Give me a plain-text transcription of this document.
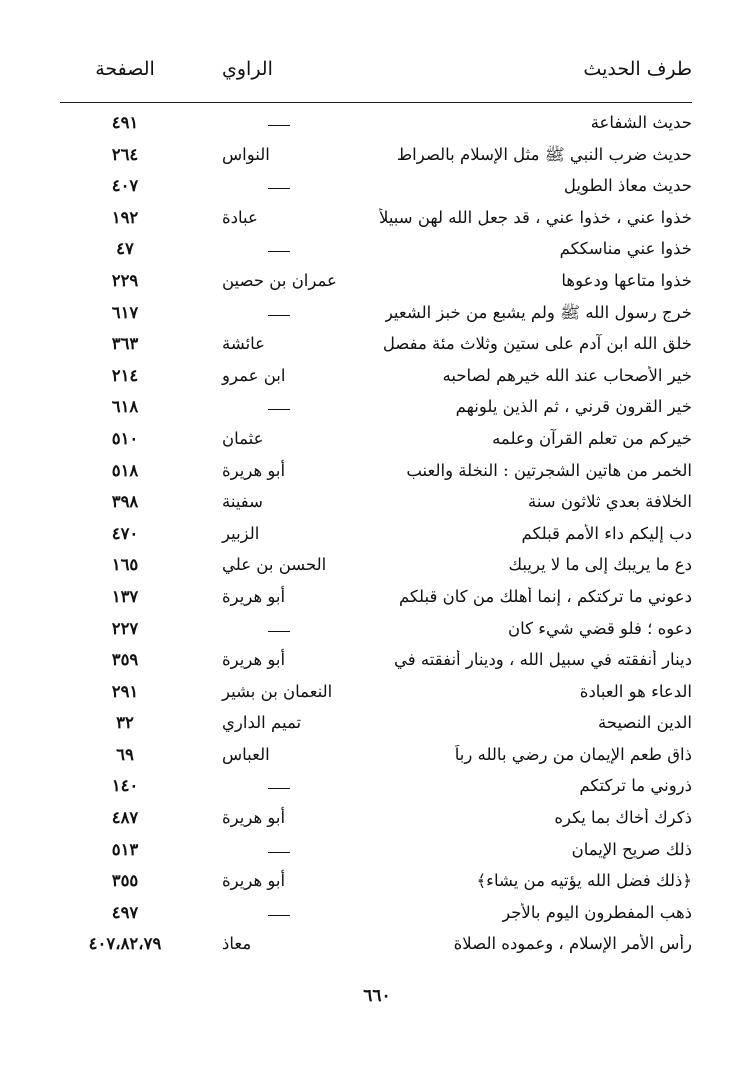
طرف الحديث
الراوي
الصفحة
حديث الشفاعة
٤٩١
حديث ضرب النبي ﷺ مثل الإسلام بالصراط
النواس
٢٦٤
حديث معاذ الطويل
٤٠٧
خذوا عني ، خذوا عني ، قد جعل الله لهن سبيلاً
عبادة
١٩٢
خذوا عني مناسككم
٤٧
خذوا متاعها ودعوها
عمران بن حصين
٢٢٩
خرج رسول الله ﷺ ولم يشبع من خبز الشعير
٦١٧
خلق الله ابن آدم على ستين وثلاث مئة مفصل
عائشة
٣٦٣
خير الأصحاب عند الله خيرهم لصاحبه
ابن عمرو
٢١٤
خير القرون قرني ، ثم الذين يلونهم
٦١٨
خيركم من تعلم القرآن وعلمه
عثمان
٥١٠
الخمر من هاتين الشجرتين : النخلة والعنب
أبو هريرة
٥١٨
الخلافة بعدي ثلاثون سنة
سفينة
٣٩٨
دب إليكم داء الأمم قبلكم
الزبير
٤٧٠
دع ما يريبك إلى ما لا يريبك
الحسن بن علي
١٦٥
دعوني ما تركتكم ، إنما أهلك من كان قبلكم
أبو هريرة
١٣٧
دعوه ؛ فلو قضي شيء كان
٢٢٧
دينار أنفقته في سبيل الله ، ودينار أنفقته في
أبو هريرة
٣٥٩
الدعاء هو العبادة
النعمان بن بشير
٢٩١
الدين النصيحة
تميم الداري
٣٢
ذاق طعم الإيمان من رضي بالله رباً
العباس
٦٩
ذروني ما تركتكم
١٤٠
ذكرك أخاك بما يكره
أبو هريرة
٤٨٧
ذلك صريح الإيمان
٥١٣
﴿ذلك فضل الله يؤتيه من يشاء﴾
أبو هريرة
٣٥٥
ذهب المفطرون اليوم بالأجر
٤٩٧
رأس الأمر الإسلام ، وعموده الصلاة
معاذ
٤٠٧،٨٢،٧٩
٦٦٠
